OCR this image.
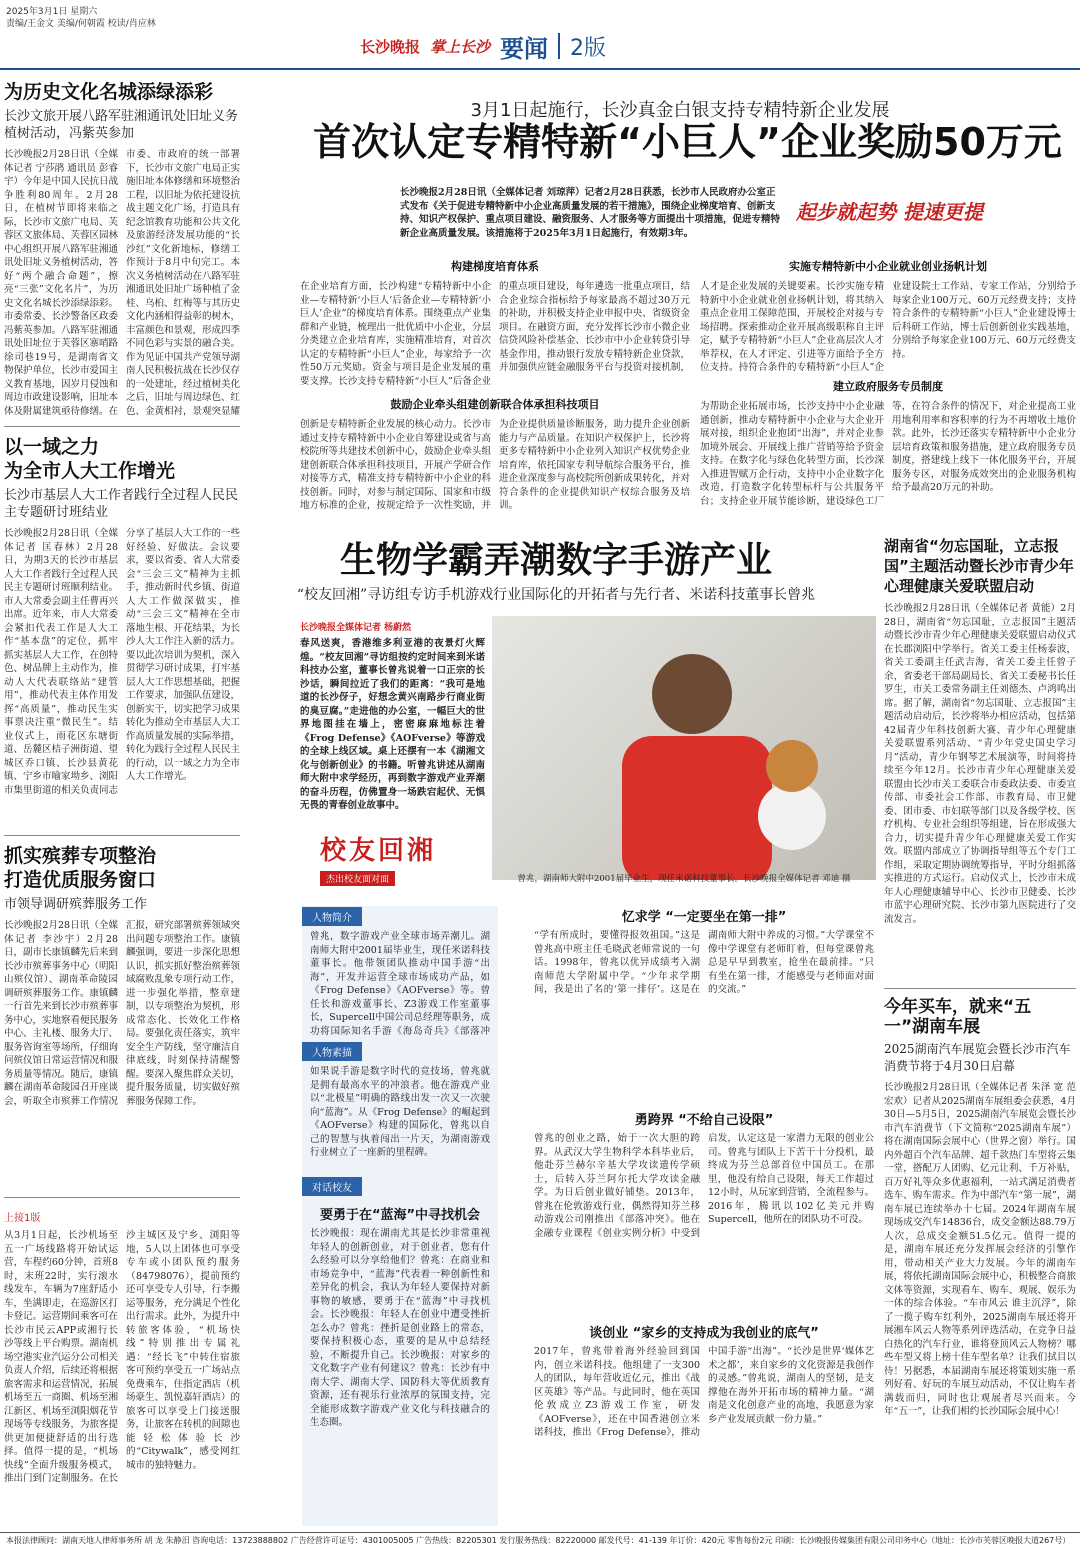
2025年3月1日 星期六
责编/王金文 美编/何朝霞 校读/肖应林
长沙晚报 掌上长沙 要闻 2版
为历史文化名城添绿添彩
长沙文旅开展八路军驻湘通讯处旧址义务植树活动，冯紫英参加
长沙晚报2月28日讯（全媒体记者 宁莎鹃 通讯员 彭睿宇）今年是中国人民抗日战争胜利80周年。2月28日，在植树节即将来临之际，长沙市文旅广电局、芙蓉区文旅体局、芙蓉区园林中心组织开展八路军驻湘通讯处旧址义务植树活动，答好“两个融合命题”，擦亮“三张”文化名片”，为历史文化名城长沙添绿添彩。市委常委、长沙警备区政委冯紫英参加。八路军驻湘通讯处旧址位于芙蓉区寨哨路徐司巷19号，是湖南省文物保护单位，长沙市爱国主义教育基地，因岁月侵蚀和周边市政建设影响，旧址本体及附属建筑亟待修缮。在市委、市政府的统一部署下，长沙市文旅广电局正实施旧址本体修缮和环境整治工程，以旧址为依托建设抗战主题文化广场，打造具有纪念馆教育功能和公共文化及旅游经济发展功能的“长沙红”文化新地标，修缮工作预计于8月中旬完工。本次义务植树活动在八路军驻湘通讯处旧址广场种植了金桂、乌桕、红梅等与其历史文化内涵相得益彰的树木，丰富颜色和景观，形成四季不同色彩与实景的融合美。作为见证中国共产党领导湖南人民积极抗战在长沙仅存的一处建址，经过植树美化之后，旧址与周边绿色、红色、金黄相衬，景观突显耀
以一域之力
为全市人大工作增光
长沙市基层人大工作者践行全过程人民民主专题研讨班结业
长沙晚报2月28日讯（全媒体记者 匡春林）2月28日，为期3天的长沙市基层人大工作者践行全过程人民民主专题研讨班顺利结业。市人大常委会副主任曹再兴出席。近年来，市人大常委会紧扣代表工作是人大工作“基本盘”的定位，抓牢抓实基层人大工作，在创特色、树品牌上主动作为，推动人大代表联络站“建管用”，推动代表主体作用发挥“高质量”，推动民生实事票决注重“微民生”。结业仪式上，雨花区东塘街道、岳麓区桔子洲街道、望城区乔口镇、长沙县黄花镇、宁乡市喻家坳乡、浏阳市集里街道的相关负责同志分享了基层人大工作的一些好经验、好做法。会议要求，要以省委、省人大常委会“三会三文”精神为主抓手，推动新时代乡镇、街道人大工作做深做实，推动“三会三文”精神在全市落地生根、开花结果，为长沙人大工作注入新的活力。要以此次培训为契机，深入贯彻学习研讨成果，打牢基层人大工作思想基础，把握工作要求，加强队伍建设，创新实干，切实把学习成果转化为推动全市基层人大工作高质量发展的实际举措，转化为践行全过程人民民主的行动，以一域之力为全市人大工作增光。
抓实殡葬专项整治
打造优质服务窗口
市领导调研殡葬服务工作
长沙晚报2月28日讯（全媒体记者 李沙宇）2月28日，副市长康镇麟先后来到长沙市殡葬事务中心（明阳山殡仪馆）、湖南革命陵园调研殡葬服务工作。康镇麟一行首先来到长沙市殡葬事务中心，实地察看便民服务中心、主礼楼、服务大厅、服务咨询室等场所，仔细询问殡仪馆日常运营情况和服务质量等情况。随后，康镇麟在湖南革命陵园召开座谈会，听取全市殡葬工作情况汇报，研究部署殡葬领域突出问题专项整治工作。康镇麟强调，要进一步深化思想认识，抓实抓好整治殡葬领域腐败乱象专项行动工作，进一步强化举措，整章建制，以专项整治为契机，形成常态化、长效化工作格局。要强化责任落实，筑牢安全生产防线，坚守廉洁自律底线，时刻保持清醒警醒。要深入聚焦群众关切，提升服务质量，切实做好殡葬服务保障工作。
上接1版
从3月1日起，长沙机场至五一广场线路将开始试运营，车程约60分钟，首班8时，末班22时，实行滚水线发车，车辆为7座舒适小车，坐满即走，在巡游区打卡登记。运营期间乘客可在长沙市民云APP或湘行长沙等线上平台购票。湖南机场空港实业汽运分公司相关负责人介绍，后续还将根据旅客需求和运营情况，拓展机场至五一商圈、机场至湘江新区、机场至浏阳烟花节现场等专线服务，为旅客提供更加便捷舒适的出行选择。值得一提的是，“机场快线”全面升级服务模式，推出门到门定制服务。在长沙主城区及宁乡、浏阳等地，5人以上团体也可享受专车或小团队预约服务（84798076），提前预约还可享受专人引导，行李搬运等服务，充分满足个性化出行需求。此外，为提升中转旅客体验，“机场快线”特别推出专属礼遇：“经长飞”中转住宿旅客可预约享受五一广场站点免费乘车，住指定酒店（机场豪生、凯悦嘉轩酒店）的旅客可以享受上门接送服务，让旅客在转机的间隙也能轻松体验长沙的“Citywalk”，感受网红城市的独特魅力。
3月1日起施行，长沙真金白银支持专精特新企业发展
首次认定专精特新“小巨人”企业奖励50万元
长沙晚报2月28日讯（全媒体记者 刘琼萍）记者2月28日获悉，长沙市人民政府办公室正式发布《关于促进专精特新中小企业高质量发展的若干措施》，围绕企业梯度培育、创新支持、知识产权保护、重点项目建设、融资服务、人才服务等方面提出十项措施，促进专精特新企业高质量发展。该措施将于2025年3月1日起施行，有效期3年。
起步就起势 提速更提
构建梯度培育体系
在企业培育方面，长沙构建“专精特新中小企业—专精特新‘小巨人’后备企业—专精特新‘小巨人’企业”的梯度培育体系。围绕重点产业集群和产业链，梳理出一批优质中小企业，分层分类建立企业培育库，实施精准培育，对首次认定的专精特新“小巨人”企业，每家给予一次性50万元奖励。资金与项目是企业发展的重要支撑。长沙支持专精特新“小巨人”后备企业的重点项目建设，每年遴选一批重点项目，结合企业综合指标给予每家最高不超过30万元的补助，并积极支持企业申报中央、省级资金项目。在融资方面，充分发挥长沙市小微企业信贷风险补偿基金、长沙市中小企业转贷引导基金作用，推动银行发放专精特新企业贷款，并加强供应链金融服务平台与投资对接机制，
鼓励企业牵头组建创新联合体承担科技项目
创新是专精特新企业发展的核心动力。长沙市通过支持专精特新中小企业自筹建设或省与高校院所等共建技术创新中心，鼓励企业牵头组建创新联合体承担科技项目，开展产学研合作对接等方式，精准支持专精特新中小企业的科技创新。同时，对参与制定国际、国家和市级地方标准的企业，按规定给予一次性奖励，并为企业提供质量诊断服务，助力提升企业创新能力与产品质量。在知识产权保护上，长沙将更多专精特新中小企业列入知识产权优势企业培育库，依托国家专利导航综合服务平台，推进企业深度参与高校院所创新成果转化，并对符合条件的企业提供知识产权综合服务及培训。
实施专精特新中小企业就业创业扬帆计划
人才是企业发展的关键要素。长沙实施专精特新中小企业就业创业扬帆计划，将其纳入重点企业用工保障范围，开展校企对接与专场招聘。探索推动企业开展高级职称自主评定，赋予专精特新“小巨人”企业高层次人才举荐权，在人才评定、引进等方面给予全方位支持。持符合条件的专精特新“小巨人”企业建设院士工作站、专家工作站，分别给予每家企业100万元、60万元经费支持；支持符合条件的专精特新“小巨人”企业建设博士后科研工作站，博士后创新创业实践基地，分别给予每家企业100万元、60万元经费支持。
建立政府服务专员制度
为帮助企业拓展市场，长沙支持中小企业融通创新，推动专精特新中小企业与大企业开展对接，组织企业抱团“出海”，并对企业参加境外展会、开展线上推广营销等给予资金支持。在数字化与绿色化转型方面，长沙深入推进智赋万企行动，支持中小企业数字化改造，打造数字化转型标杆与公共服务平台；支持企业开展节能诊断，建设绿色工厂等，在符合条件的情况下，对企业提高工业用地利用率和容积率的行为不再增收土地价款。此外，长沙还落实专精特新中小企业分层培育政策和服务措施，建立政府服务专员制度，搭建线上线下一体化服务平台，开展服务专区，对服务成效突出的企业服务机构给予最高20万元的补助。
生物学霸弄潮数字手游产业
“校友回湘”寻访组专访手机游戏行业国际化的开拓者与先行者、米诺科技董事长曾兆
长沙晚报全媒体记者 杨蔚然
春风送爽，香港维多利亚港的夜景灯火辉煌。“校友回湘”寻访组按约定时间来到米诺科技办公室，董事长曾兆说着一口正宗的长沙话，瞬间拉近了我们的距离：“我可是地道的长沙伢子，好想念黄兴南路步行商业街的臭豆腐。”走进他的办公室，一幅巨大的世界地图挂在墙上，密密麻麻地标注着《Frog Defense》《AOFverse》等游戏的全球上线区域。桌上还摆有一本《湖湘文化与创新创业》的书籍。听曾兆讲述从湖南师大附中求学经历，再到数字游戏产业弄潮的奋斗历程，仿佛置身一场跌宕起伏、无惧无畏的青春创业故事中。
校友回湘
杰出校友面对面	曾兆，湖南师大附中2001届毕业生，现任米诺科技董事长。长沙晚报全媒体记者 邓迪 摄
人物简介
曾兆，数字游戏产业全球市场弄潮儿。湖南师大附中2001届毕业生，现任米诺科技董事长。他带领团队推动中国手游“出海”，开发并运营全球市场成功产品，如《Frog Defense》《AOFverse》等。曾任长和游戏董事长、Z3游戏工作室董事长，Supercell中国公司总经理等职务，成功将国际知名手游《海岛奇兵》《部落冲
人物素描
如果说手游是数字时代的竞技场，曾兆就是拥有最高水平的冲浪者。他在游戏产业以“北极星”明确的路线出发一次又一次驶向“蓝海”。从《Frog Defense》的崛起到《AOFverse》构建的国际化，曾兆以自己的智慧与执着闯出一片天，为湖南游戏行业树立了一座新的里程碑。
对话校友
要勇于在“蓝海”中寻找机会
长沙晚报：现在湖南尤其是长沙非常重视年轻人的创新创业，对于创业者，您有什么经验可以分享给他们？曾兆：在商业和市场竞争中，“蓝海”代表着一种创新性和差异化的机会，我认为年轻人要保持对新事物的敏感，要勇于在“蓝海”中寻找机会。长沙晚报：年轻人在创业中遭受挫折怎么办？曾兆：挫折是创业路上的常态，要保持积极心态，重要的是从中总结经验，不断提升自己。长沙晚报：对家乡的文化数字产业有何建议？曾兆：长沙有中南大学、湖南大学、国防科大等优质教育资源，还有视乐行业浓厚的氛围支持，完全能形成数字游戏产业文化与科技融合的生态圈。
忆求学 “一定要坐在第一排”
“学有所成时，要懂得报效祖国。”这是曾兆高中班主任毛晓武老师常说的一句话。1998年，曾兆以优异成绩考入湖南师范大学附属中学。“少年求学期间，我是出了名的‘第一排仔’。这是在湖南师大附中养成的习惯。”大学课堂不像中学课堂有老师盯着，但每堂课曾兆总是早早到教室，抢坐在最前排。“只有坐在第一排，才能感受与老师面对面的交流。”
勇跨界 “不给自己设限”
曾兆的创业之路，始于一次大胆的跨界。从武汉大学生物科学本科毕业后，他赴芬兰赫尔辛基大学攻读遗传学硕士，后转入芬兰阿尔托大学攻读金融学。为日后创业做好铺垫。2013年，曾兆在伦敦游戏行业，偶然得知芬兰移动游戏公司刚推出《部落冲突》。他在金融专业课程《创业实例分析》中受到启发，认定这是一家潜力无限的创业公司。曾兆与团队上下苦干十分投机，最终成为芬兰总部首位中国员工。在那里，他没有给自己设限，每天工作超过12小时，从玩家到营销，全流程参与。2016年，腾讯以102亿美元并购Supercell，他所在的团队功不可没。
谈创业 “家乡的支持成为我创业的底气”
2017年，曾兆带着海外经验回到国内，创立米诺科技。他组建了一支300人的团队，每年营收近亿元，推出《战区英雄》等产品。与此同时，他在英国伦敦成立Z3游戏工作室，研发《AOFverse》，还在中国香港创立米诺科技，推出《Frog Defense》，推动中国手游“出海”。“长沙是世界‘媒体艺术之都’，来自家乡的文化资源是我创作的灵感。”曾兆说，湖南人的坚韧，是支撑他在海外开拓市场的精神力量。“湖南是文化创意产业的高地，我愿意为家乡产业发展贡献一份力量。”
湖南省“勿忘国耻，立志报国”主题活动暨长沙市青少年心理健康关爱联盟启动
长沙晚报2月28日讯（全媒体记者 黄能）2月28日，湖南省“勿忘国耻，立志报国”主题活动暨长沙市青少年心理健康关爱联盟启动仪式在长郡浏阳中学举行。省关工委主任杨泰波，省关工委副主任武吉海，省关工委主任曾子余，省委老干部局副局长、省关工委秘书长任罗生，市关工委常务副主任刘德杰、卢鸿鸣出席。据了解，湖南省“勿忘国耻、立志报国”主题活动启动后，长沙将举办相应活动，包括第42届青少年科技创新大赛、青少年心理健康关爱联盟系列活动、“青少年党史国史学习月”活动，青少年钢琴艺术展演等，时间将持续至今年12月。长沙市青少年心理健康关爱联盟由长沙市关工委联合市委政法委、市委宣传部、市委社会工作部、市教育局、市卫健委、团市委、市妇联等部门以及各级学校、医疗机构、专业社会组织等组建，旨在形成强大合力，切实提升青少年心理健康关爱工作实效。联盟内部成立了协调指导组等五个专门工作组，采取定期协调统筹指导，平时分组抓落实推进的方式运行。启动仪式上，长沙市未成年人心理健康辅导中心、长沙市卫健委、长沙市蓝宇心理研究院、长沙市第九医院进行了交流发言。
今年买车，就来“五一”湖南车展
2025湖南汽车展览会暨长沙市汽车消费节将于4月30日启幕
长沙晚报2月28日讯（全媒体记者 朱泽 宽 范宏欢）记者从2025湖南车展组委会获悉，4月30日—5月5日，2025湖南汽车展览会暨长沙市汽车消费节（下文简称“2025湖南车展”）将在湖南国际会展中心（世界之窗）举行。国内外超百个汽车品牌、超千款热门车型将云集一堂，搭配万人团购、亿元让利、千万补贴，百万好礼等众多优惠福利，一站式满足消费者选车、购车需求。作为中部汽车“第一展”，湖南车展已连续举办十七届。2024年湖南车展现场成交汽车14836台，成交金额达88.79万人次，总成交金额51.5亿元。值得一提的是，湖南车展还充分发挥展会经济的引擎作用，带动相关产业大力发展。今年的湖南车展，将依托湖南国际会展中心，积极整合商旅文体等资源，实现看车、购车、观展、娱乐为一体的综合体验。“车市风云 谁主沉浮”，除了一揽子购车红利外，2025湖南车展还将开展湘车风云人物等系列评选活动，在竞争日益白热化的汽车行业，谁将登顶风云人物榜？哪些车型又将上榜十佳车型名单？让我们拭目以待！另据悉，本届湖南车展还将策划实施一系列好看、好玩的车展互动活动，不仅让购车者满载而归，同时也让观展者尽兴而来。今年“五一”，让我们相约长沙国际会展中心！
本报法律顾问：湖南天地人律师事务所 胡 龙 朱静汨 咨询电话：13723888802 广告经营许可证号：4301005005 广告热线：82205301 发行服务热线：82220000 邮发代号：41-139 年订价：420元 零售每份2元 印刷：长沙晚报传媒集团有限公司印务中心（地址：长沙市芙蓉区晚报大道267号）
